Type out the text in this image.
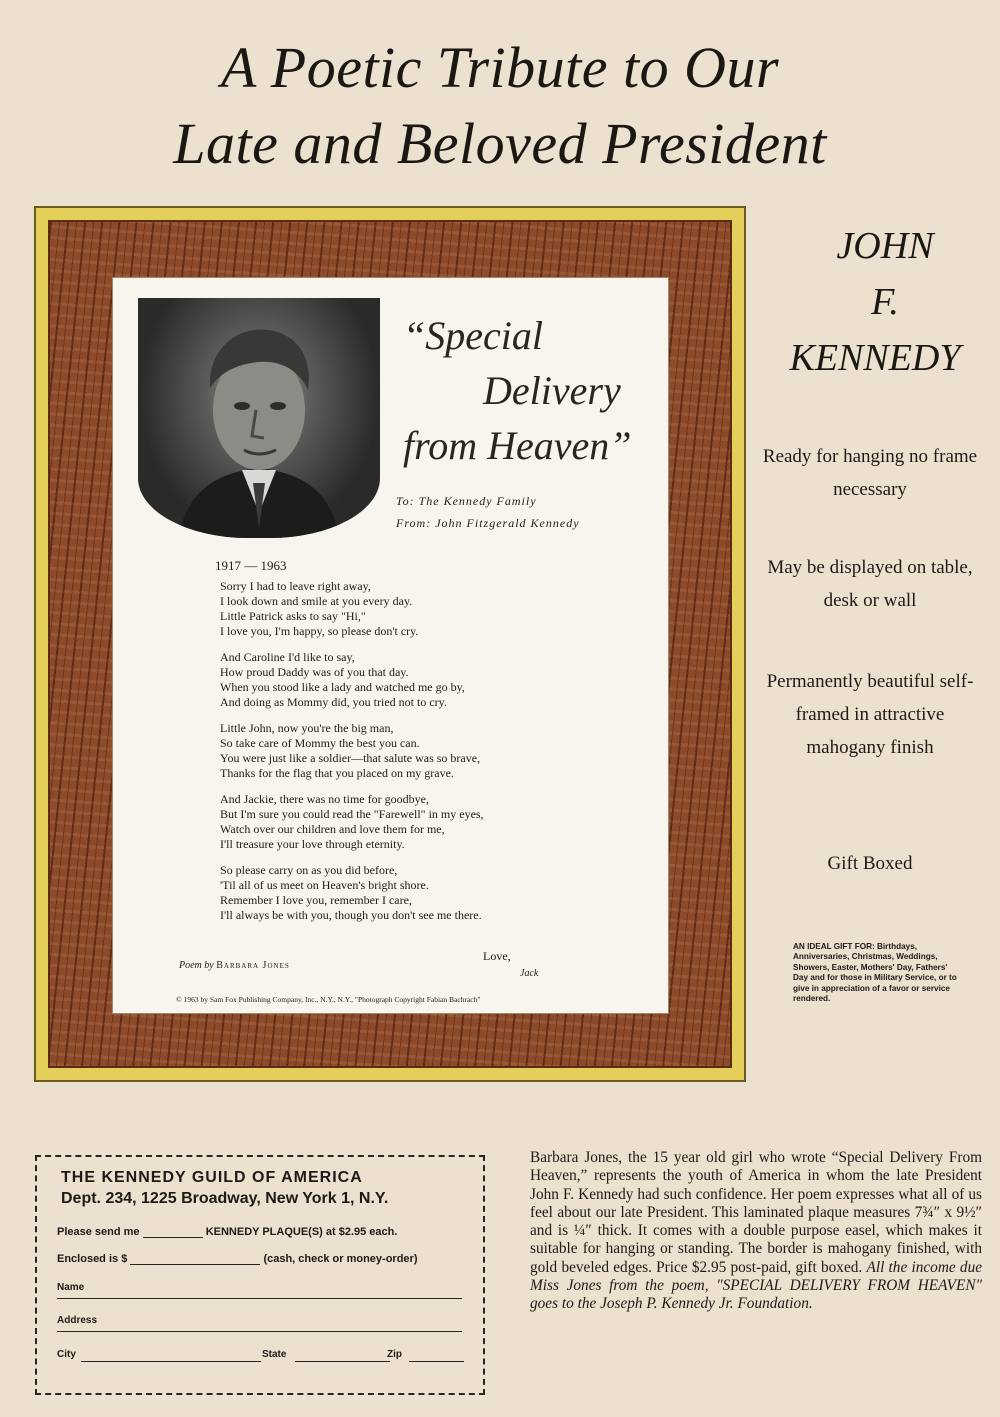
A Poetic Tribute to Our
Late and Beloved President
1917 — 1963
“Special
Delivery
from Heaven”
To: The Kennedy Family
From: John Fitzgerald Kennedy
Sorry I had to leave right away,
I look down and smile at you every day.
Little Patrick asks to say "Hi,"
I love you, I'm happy, so please don't cry.
And Caroline I'd like to say,
How proud Daddy was of you that day.
When you stood like a lady and watched me go by,
And doing as Mommy did, you tried not to cry.
Little John, now you're the big man,
So take care of Mommy the best you can.
You were just like a soldier—that salute was so brave,
Thanks for the flag that you placed on my grave.
And Jackie, there was no time for goodbye,
But I'm sure you could read the "Farewell" in my eyes,
Watch over our children and love them for me,
I'll treasure your love through eternity.
So please carry on as you did before,
'Til all of us meet on Heaven's bright shore.
Remember I love you, remember I care,
I'll always be with you, though you don't see me there.
Love,
Jack
Poem by Barbara Jones
© 1963 by Sam Fox Publishing Company, Inc., N.Y., N.Y., "Photograph Copyright Fabian Bachrach"
JOHN
F.
KENNEDY
Ready for hanging no frame necessary
May be displayed on table, desk or wall
Permanently beautiful self-framed in attractive mahogany finish
Gift Boxed
AN IDEAL GIFT FOR: Birthdays, Anniversaries, Christmas, Weddings, Showers, Easter, Mothers' Day, Fathers' Day and for those in Military Service, or to give in appreciation of a favor or service rendered.
THE KENNEDY GUILD OF AMERICA
Dept. 234, 1225 Broadway, New York 1, N.Y.
Please send me	KENNEDY PLAQUE(S) at $2.95 each.
Enclosed is $	(cash, check or money-order)
Name
Address
City	State	Zip
Barbara Jones, the 15 year old girl who wrote “Special Delivery From Heaven,” represents the youth of America in whom the late President John F. Kennedy had such confidence. Her poem expresses what all of us feel about our late President. This laminated plaque measures 7¾″ x 9½″ and is ¼″ thick. It comes with a double purpose easel, which makes it suitable for hanging or standing. The border is mahogany finished, with gold beveled edges. Price $2.95 post-paid, gift boxed. All the income due Miss Jones from the poem, "SPECIAL DELIVERY FROM HEAVEN" goes to the Joseph P. Kennedy Jr. Foundation.
